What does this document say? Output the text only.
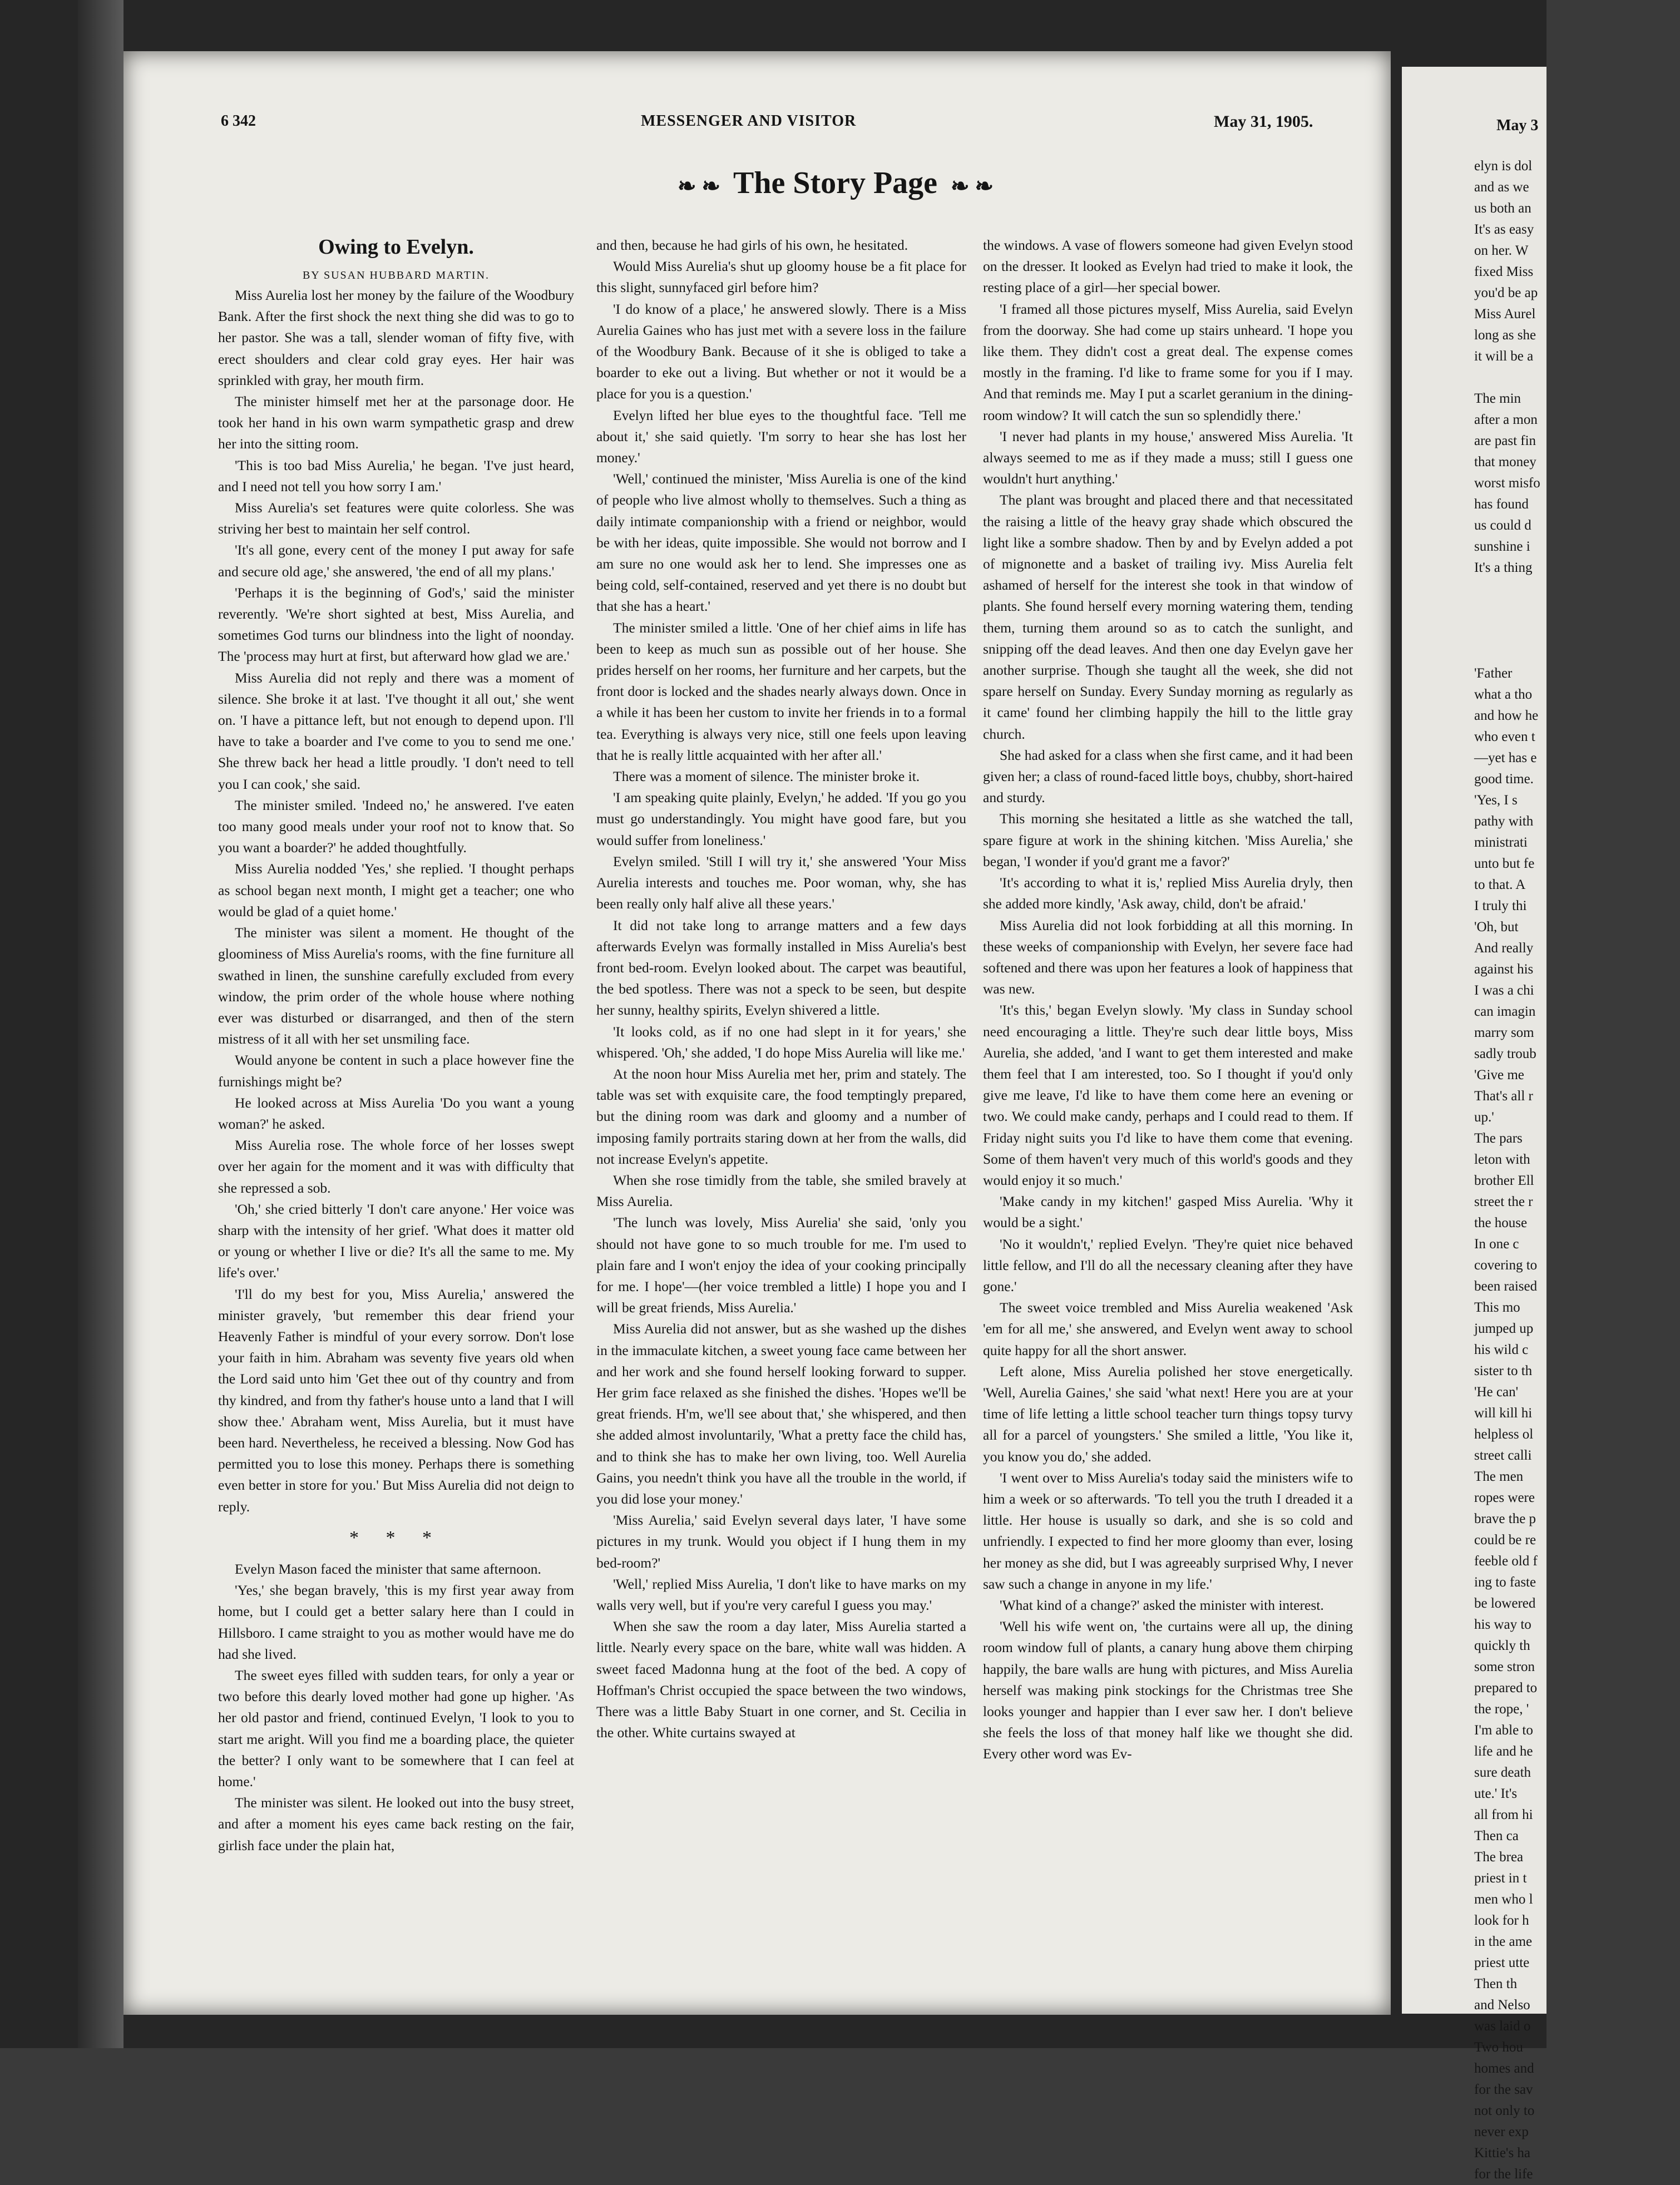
6 342	MESSENGER AND VISITOR	May 31, 1905.
❧ ❧ The Story Page ❧ ❧
Owing to Evelyn.
BY SUSAN HUBBARD MARTIN.

Miss Aurelia lost her money by the failure of the Woodbury Bank. After the first shock the next thing she did was to go to her pastor. She was a tall, slender woman of fifty five, with erect shoulders and clear cold gray eyes. Her hair was sprinkled with gray, her mouth firm.

The minister himself met her at the parsonage door. He took her hand in his own warm sympathetic grasp and drew her into the sitting room.

'This is too bad Miss Aurelia,' he began. 'I've just heard, and I need not tell you how sorry I am.'

Miss Aurelia's set features were quite colorless. She was striving her best to maintain her self control.

'It's all gone, every cent of the money I put away for safe and secure old age,' she answered, 'the end of all my plans.'

'Perhaps it is the beginning of God's,' said the minister reverently. 'We're short sighted at best, Miss Aurelia, and sometimes God turns our blindness into the light of noonday. The 'process may hurt at first, but afterward how glad we are.'

Miss Aurelia did not reply and there was a moment of silence. She broke it at last. 'I've thought it all out,' she went on. 'I have a pittance left, but not enough to depend upon. I'll have to take a boarder and I've come to you to send me one.' She threw back her head a little proudly. 'I don't need to tell you I can cook,' she said.

The minister smiled. 'Indeed no,' he answered. I've eaten too many good meals under your roof not to know that. So you want a boarder?' he added thoughtfully.

Miss Aurelia nodded 'Yes,' she replied. 'I thought perhaps as school began next month, I might get a teacher; one who would be glad of a quiet home.'

The minister was silent a moment. He thought of the gloominess of Miss Aurelia's rooms, with the fine furniture all swathed in linen, the sunshine carefully excluded from every window, the prim order of the whole house where nothing ever was disturbed or disarranged, and then of the stern mistress of it all with her set unsmiling face.

Would anyone be content in such a place however fine the furnishings might be?

He looked across at Miss Aurelia 'Do you want a young woman?' he asked.

Miss Aurelia rose. The whole force of her losses swept over her again for the moment and it was with difficulty that she repressed a sob.

'Oh,' she cried bitterly 'I don't care anyone.' Her voice was sharp with the intensity of her grief. 'What does it matter old or young or whether I live or die? It's all the same to me. My life's over.'

'I'll do my best for you, Miss Aurelia,' answered the minister gravely, 'but remember this dear friend your Heavenly Father is mindful of your every sorrow. Don't lose your faith in him. Abraham was seventy five years old when the Lord said unto him 'Get thee out of thy country and from thy kindred, and from thy father's house unto a land that I will show thee.' Abraham went, Miss Aurelia, but it must have been hard. Nevertheless, he received a blessing. Now God has permitted you to lose this money. Perhaps there is something even better in store for you.' But Miss Aurelia did not deign to reply.

* * *

Evelyn Mason faced the minister that same afternoon.

'Yes,' she began bravely, 'this is my first year away from home, but I could get a better salary here than I could in Hillsboro. I came straight to you as mother would have me do had she lived.

The sweet eyes filled with sudden tears, for only a year or two before this dearly loved mother had gone up higher. 'As her old pastor and friend, continued Evelyn, 'I look to you to start me aright. Will you find me a boarding place, the quieter the better? I only want to be somewhere that I can feel at home.'

The minister was silent. He looked out into the busy street, and after a moment his eyes came back resting on the fair, girlish face under the plain hat,

and then, because he had girls of his own, he hesitated.

Would Miss Aurelia's shut up gloomy house be a fit place for this slight, sunnyfaced girl before him?

'I do know of a place,' he answered slowly. There is a Miss Aurelia Gaines who has just met with a severe loss in the failure of the Woodbury Bank. Because of it she is obliged to take a boarder to eke out a living. But whether or not it would be a place for you is a question.'

Evelyn lifted her blue eyes to the thoughtful face. 'Tell me about it,' she said quietly. 'I'm sorry to hear she has lost her money.'

'Well,' continued the minister, 'Miss Aurelia is one of the kind of people who live almost wholly to themselves. Such a thing as daily intimate companionship with a friend or neighbor, would be with her ideas, quite impossible. She would not borrow and I am sure no one would ask her to lend. She impresses one as being cold, self-contained, reserved and yet there is no doubt but that she has a heart.'

The minister smiled a little. 'One of her chief aims in life has been to keep as much sun as possible out of her house. She prides herself on her rooms, her furniture and her carpets, but the front door is locked and the shades nearly always down. Once in a while it has been her custom to invite her friends in to a formal tea. Everything is always very nice, still one feels upon leaving that he is really little acquainted with her after all.'

There was a moment of silence. The minister broke it.

'I am speaking quite plainly, Evelyn,' he added. 'If you go you must go understandingly. You might have good fare, but you would suffer from loneliness.'

Evelyn smiled. 'Still I will try it,' she answered 'Your Miss Aurelia interests and touches me. Poor woman, why, she has been really only half alive all these years.'

It did not take long to arrange matters and a few days afterwards Evelyn was formally installed in Miss Aurelia's best front bed-room. Evelyn looked about. The carpet was beautiful, the bed spotless. There was not a speck to be seen, but despite her sunny, healthy spirits, Evelyn shivered a little.

'It looks cold, as if no one had slept in it for years,' she whispered. 'Oh,' she added, 'I do hope Miss Aurelia will like me.'

At the noon hour Miss Aurelia met her, prim and stately. The table was set with exquisite care, the food temptingly prepared, but the dining room was dark and gloomy and a number of imposing family portraits staring down at her from the walls, did not increase Evelyn's appetite.

When she rose timidly from the table, she smiled bravely at Miss Aurelia.

'The lunch was lovely, Miss Aurelia' she said, 'only you should not have gone to so much trouble for me. I'm used to plain fare and I won't enjoy the idea of your cooking principally for me. I hope'—(her voice trembled a little) I hope you and I will be great friends, Miss Aurelia.'

Miss Aurelia did not answer, but as she washed up the dishes in the immaculate kitchen, a sweet young face came between her and her work and she found herself looking forward to supper. Her grim face relaxed as she finished the dishes. 'Hopes we'll be great friends. H'm, we'll see about that,' she whispered, and then she added almost involuntarily, 'What a pretty face the child has, and to think she has to make her own living, too. Well Aurelia Gains, you needn't think you have all the trouble in the world, if you did lose your money.'

'Miss Aurelia,' said Evelyn several days later, 'I have some pictures in my trunk. Would you object if I hung them in my bed-room?'

'Well,' replied Miss Aurelia, 'I don't like to have marks on my walls very well, but if you're very careful I guess you may.'

When she saw the room a day later, Miss Aurelia started a little. Nearly every space on the bare, white wall was hidden. A sweet faced Madonna hung at the foot of the bed. A copy of Hoffman's Christ occupied the space between the two windows, There was a little Baby Stuart in one corner, and St. Cecilia in the other. White curtains swayed at

the windows. A vase of flowers someone had given Evelyn stood on the dresser. It looked as Evelyn had tried to make it look, the resting place of a girl—her special bower.

'I framed all those pictures myself, Miss Aurelia, said Evelyn from the doorway. She had come up stairs unheard. 'I hope you like them. They didn't cost a great deal. The expense comes mostly in the framing. I'd like to frame some for you if I may. And that reminds me. May I put a scarlet geranium in the dining-room window? It will catch the sun so splendidly there.'

'I never had plants in my house,' answered Miss Aurelia. 'It always seemed to me as if they made a muss; still I guess one wouldn't hurt anything.'

The plant was brought and placed there and that necessitated the raising a little of the heavy gray shade which obscured the light like a sombre shadow. Then by and by Evelyn added a pot of mignonette and a basket of trailing ivy. Miss Aurelia felt ashamed of herself for the interest she took in that window of plants. She found herself every morning watering them, tending them, turning them around so as to catch the sunlight, and snipping off the dead leaves. And then one day Evelyn gave her another surprise. Though she taught all the week, she did not spare herself on Sunday. Every Sunday morning as regularly as it came' found her climbing happily the hill to the little gray church.

She had asked for a class when she first came, and it had been given her; a class of round-faced little boys, chubby, short-haired and sturdy.

This morning she hesitated a little as she watched the tall, spare figure at work in the shining kitchen. 'Miss Aurelia,' she began, 'I wonder if you'd grant me a favor?'

'It's according to what it is,' replied Miss Aurelia dryly, then she added more kindly, 'Ask away, child, don't be afraid.'

Miss Aurelia did not look forbidding at all this morning. In these weeks of companionship with Evelyn, her severe face had softened and there was upon her features a look of happiness that was new.

'It's this,' began Evelyn slowly. 'My class in Sunday school need encouraging a little. They're such dear little boys, Miss Aurelia, she added, 'and I want to get them interested and make them feel that I am interested, too. So I thought if you'd only give me leave, I'd like to have them come here an evening or two. We could make candy, perhaps and I could read to them. If Friday night suits you I'd like to have them come that evening. Some of them haven't very much of this world's goods and they would enjoy it so much.'

'Make candy in my kitchen!' gasped Miss Aurelia. 'Why it would be a sight.'

'No it wouldn't,' replied Evelyn. 'They're quiet nice behaved little fellow, and I'll do all the necessary cleaning after they have gone.'

The sweet voice trembled and Miss Aurelia weakened 'Ask 'em for all me,' she answered, and Evelyn went away to school quite happy for all the short answer.

Left alone, Miss Aurelia polished her stove energetically. 'Well, Aurelia Gaines,' she said 'what next! Here you are at your time of life letting a little school teacher turn things topsy turvy all for a parcel of youngsters.' She smiled a little, 'You like it, you know you do,' she added.

'I went over to Miss Aurelia's today said the ministers wife to him a week or so afterwards. 'To tell you the truth I dreaded it a little. Her house is usually so dark, and she is so cold and unfriendly. I expected to find her more gloomy than ever, losing her money as she did, but I was agreeably surprised Why, I never saw such a change in anyone in my life.'

'What kind of a change?' asked the minister with interest.

'Well his wife went on, 'the curtains were all up, the dining room window full of plants, a canary hung above them chirping happily, the bare walls are hung with pictures, and Miss Aurelia herself was making pink stockings for the Christmas tree She looks younger and happier than I ever saw her. I don't believe she feels the loss of that money half like we thought she did. Every other word was Ev-

May 3

elyn is dol

and as we

us both an

It's as easy

on her. W

fixed Miss

you'd be ap

Miss Aurel

long as she

it will be a

The min

after a mon

are past fin

that money

worst misfo

has found

us could d

sunshine i

It's a thing

'Father

what a tho

and how he

who even t

—yet has e

good time.

'Yes, I s

pathy with

ministrati

unto but fe

to that. A

I truly thi

'Oh, but

And really

against his

I was a chi

can imagin

marry som

sadly troub

'Give me

That's all r

up.'

The pars

leton with

brother Ell

street the r

the house

In one c

covering to

been raised

This mo

jumped up

his wild c

sister to th

'He can'

will kill hi

helpless ol

street calli

The men

ropes were

brave the p

could be re

feeble old f

ing to faste

be lowered

his way to

quickly th

some stron

prepared to

the rope, '

I'm able to

life and he

sure death

ute.' It's

all from hi

Then ca

The brea

priest in t

men who l

look for h

in the ame

priest utte

Then th

and Nelso

was laid o

Two hou

homes and

for the sav

not only to

never exp

Kittie's ha

for the life
